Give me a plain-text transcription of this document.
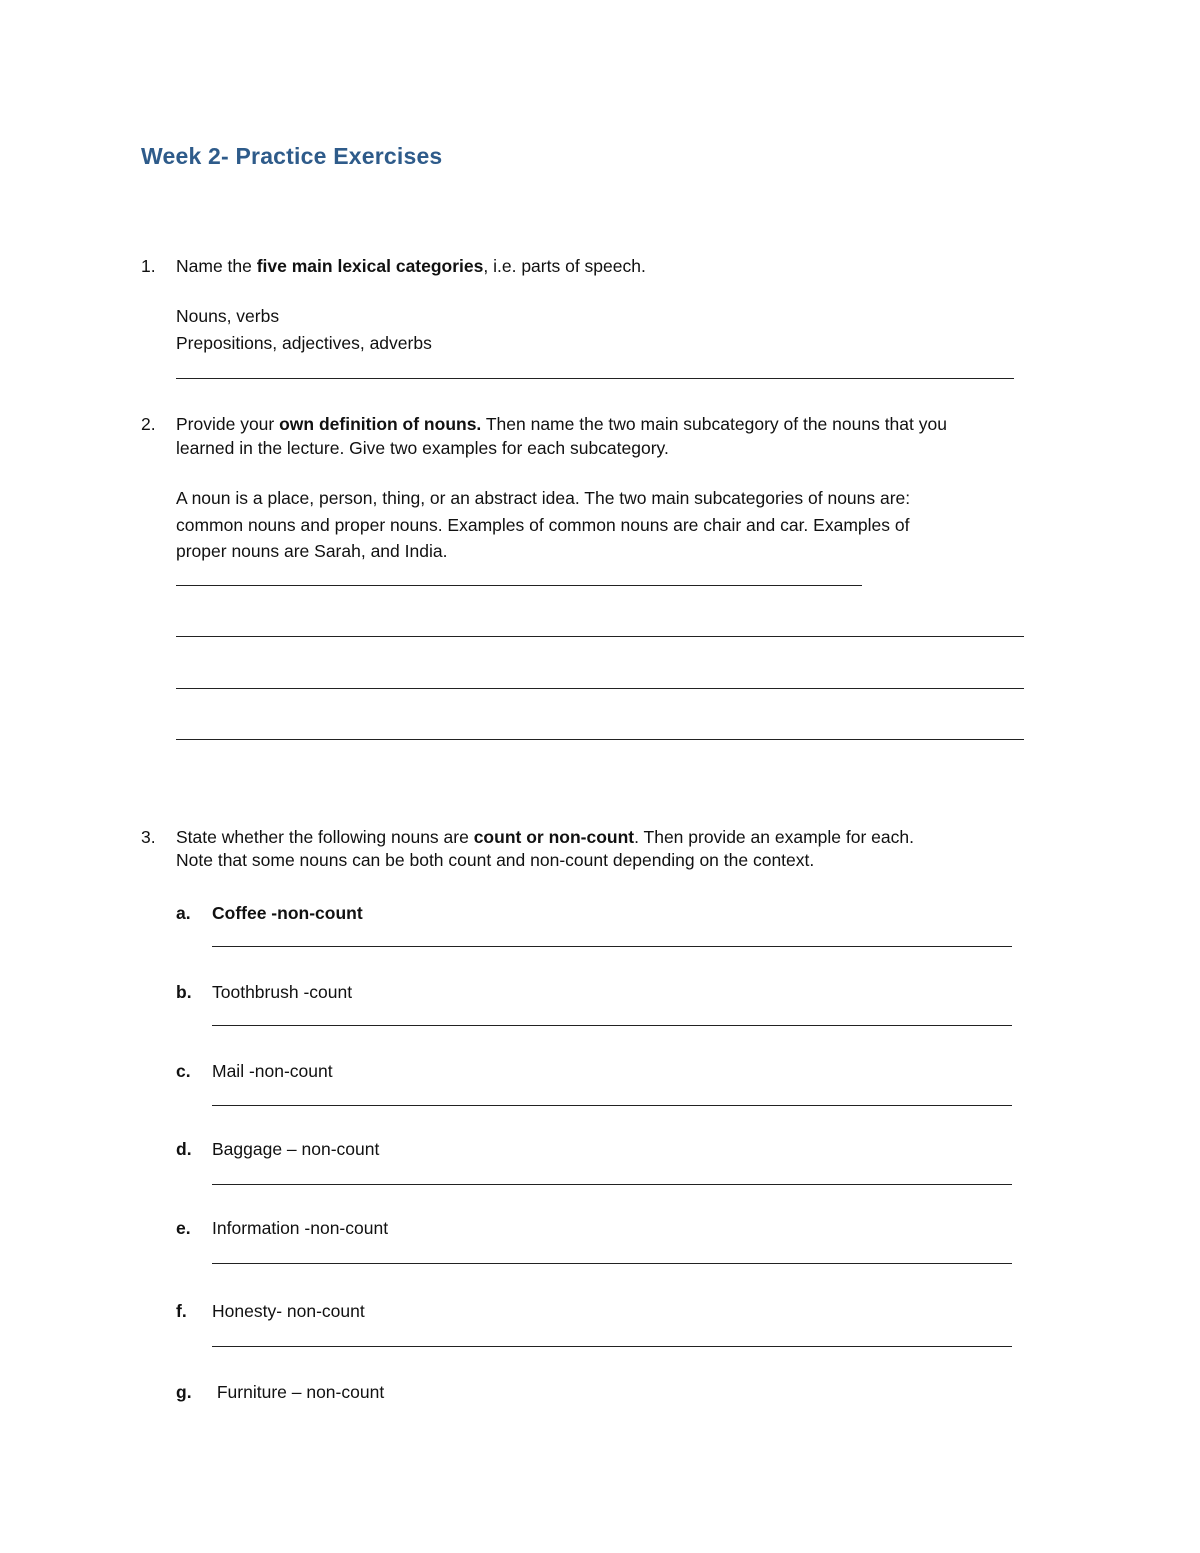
Week 2- Practice Exercises
1. Name the five main lexical categories, i.e. parts of speech.
Nouns, verbs
Prepositions, adjectives, adverbs
2. Provide your own definition of nouns. Then name the two main subcategory of the nouns that you
learned in the lecture. Give two examples for each subcategory.
A noun is a place, person, thing, or an abstract idea. The two main subcategories of nouns are:
common nouns and proper nouns. Examples of common nouns are chair and car. Examples of
proper nouns are Sarah, and India.
3. State whether the following nouns are count or non-count. Then provide an example for each.
Note that some nouns can be both count and non-count depending on the context.
a. Coffee -non-count
b. Toothbrush -count
c. Mail -non-count
d. Baggage – non-count
e. Information -non-count
f. Honesty- non-count
g. Furniture – non-count
